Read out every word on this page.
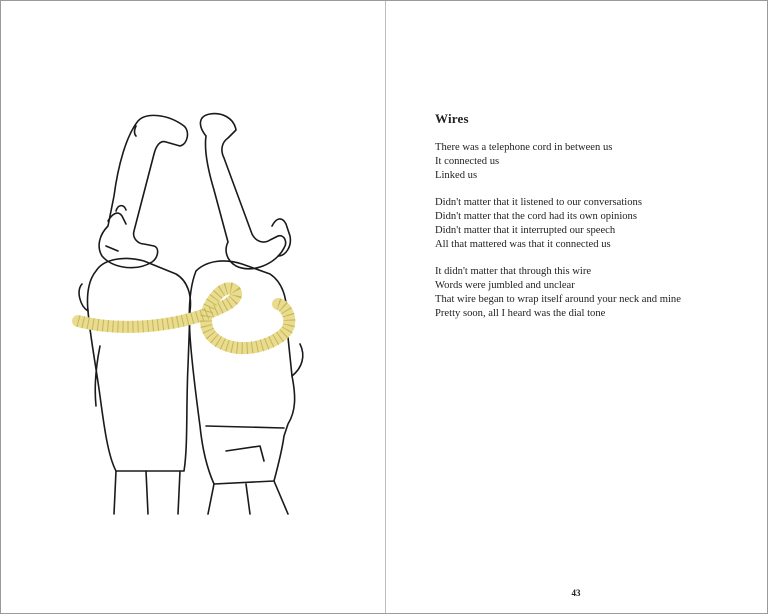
Wires
There was a telephone cord in between us
It connected us
Linked us
Didn't matter that it listened to our conversations
Didn't matter that the cord had its own opinions
Didn't matter that it interrupted our speech
All that mattered was that it connected us
It didn't matter that through this wire
Words were jumbled and unclear
That wire began to wrap itself around your neck and mine
Pretty soon, all I heard was the dial tone
43
